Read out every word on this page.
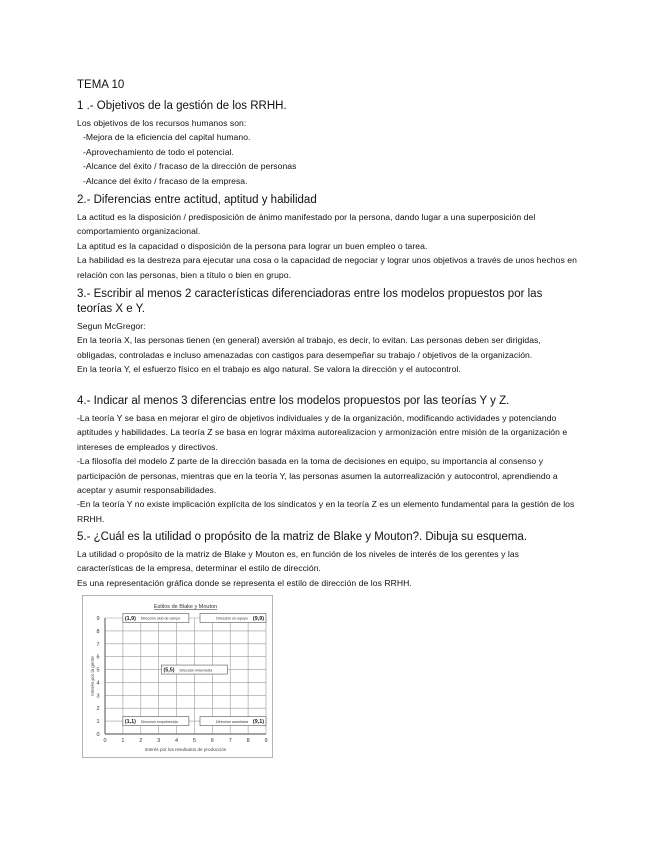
TEMA 10
1 .- Objetivos de la gestión de los RRHH.

Los objetivos de los recursos humanos son:

-Mejora de la eficiencia del capital humano.

-Aprovechamiento de todo el potencial.

-Alcance del éxito / fracaso de la dirección de personas

-Alcance del éxito / fracaso de la empresa.

2.- Diferencias entre actitud, aptitud y habilidad

La actitud es la disposición / predisposición de ánimo manifestado por la persona, dando lugar a una superposición del comportamiento organizacional.

La aptitud es la capacidad o disposición de la persona para lograr un buen empleo o tarea.

La habilidad es la destreza para ejecutar una cosa o la capacidad de negociar y lograr unos objetivos a través de unos hechos en relación con las personas, bien a título o bien en grupo.

3.- Escribir al menos 2 características diferenciadoras entre los modelos propuestos por las teorías X e Y.

Segun McGregor:

En la teoría X, las personas tienen (en general) aversión al trabajo, es decir, lo evitan. Las personas deben ser dirigidas, obligadas, controladas e incluso amenazadas con castigos para desempeñar su trabajo / objetivos de la organización.

En la teoría Y, el esfuerzo físico en el trabajo es algo natural. Se valora la dirección y el autocontrol.

4.- Indicar al menos 3 diferencias entre los modelos propuestos por las teorías Y y Z.

-La teoría Y se basa en mejorar el giro de objetivos individuales y de la organización, modificando actividades y potenciando aptitudes y habilidades. La teoría Z se basa en lograr máxima autorealizacion y armonización entre misión de la organización e intereses de empleados y directivos.

-La filosofía del modelo Z parte de la dirección basada en la toma de decisiones en equipo, su importancia al consenso y participación de personas, mientras que en la teoría Y, las personas asumen la autorrealización y autocontrol, aprendiendo a aceptar y asumir responsabilidades.

-En la teoría Y no existe implicación explícita de los sindicatos y en la teoría Z es un elemento fundamental para la gestión de los RRHH.

5.- ¿Cuál es la utilidad o propósito de la matriz de Blake y Mouton?. Dibuja su esquema.

La utilidad o propósito de la matriz de Blake y Mouton es, en función de los niveles de interés de los gerentes y las características de la empresa, determinar el estilo de dirección.

Es una representación gráfica donde se representa el estilo de dirección de los RRHH.

Estilos de Blake y Mouton
0	1	2	3	4	5	6	7	8	9
0
1
2
3
4
5
6
7
8
9
Interés por los resultados de producción
Interés por la gente
(1,9) Dirección club de campo	(9,9)
Dirección en equipo
(5,5) Dirección intermedia
(1,1) Dirección empobrecida	(9,1)
Dirección autoritaria
